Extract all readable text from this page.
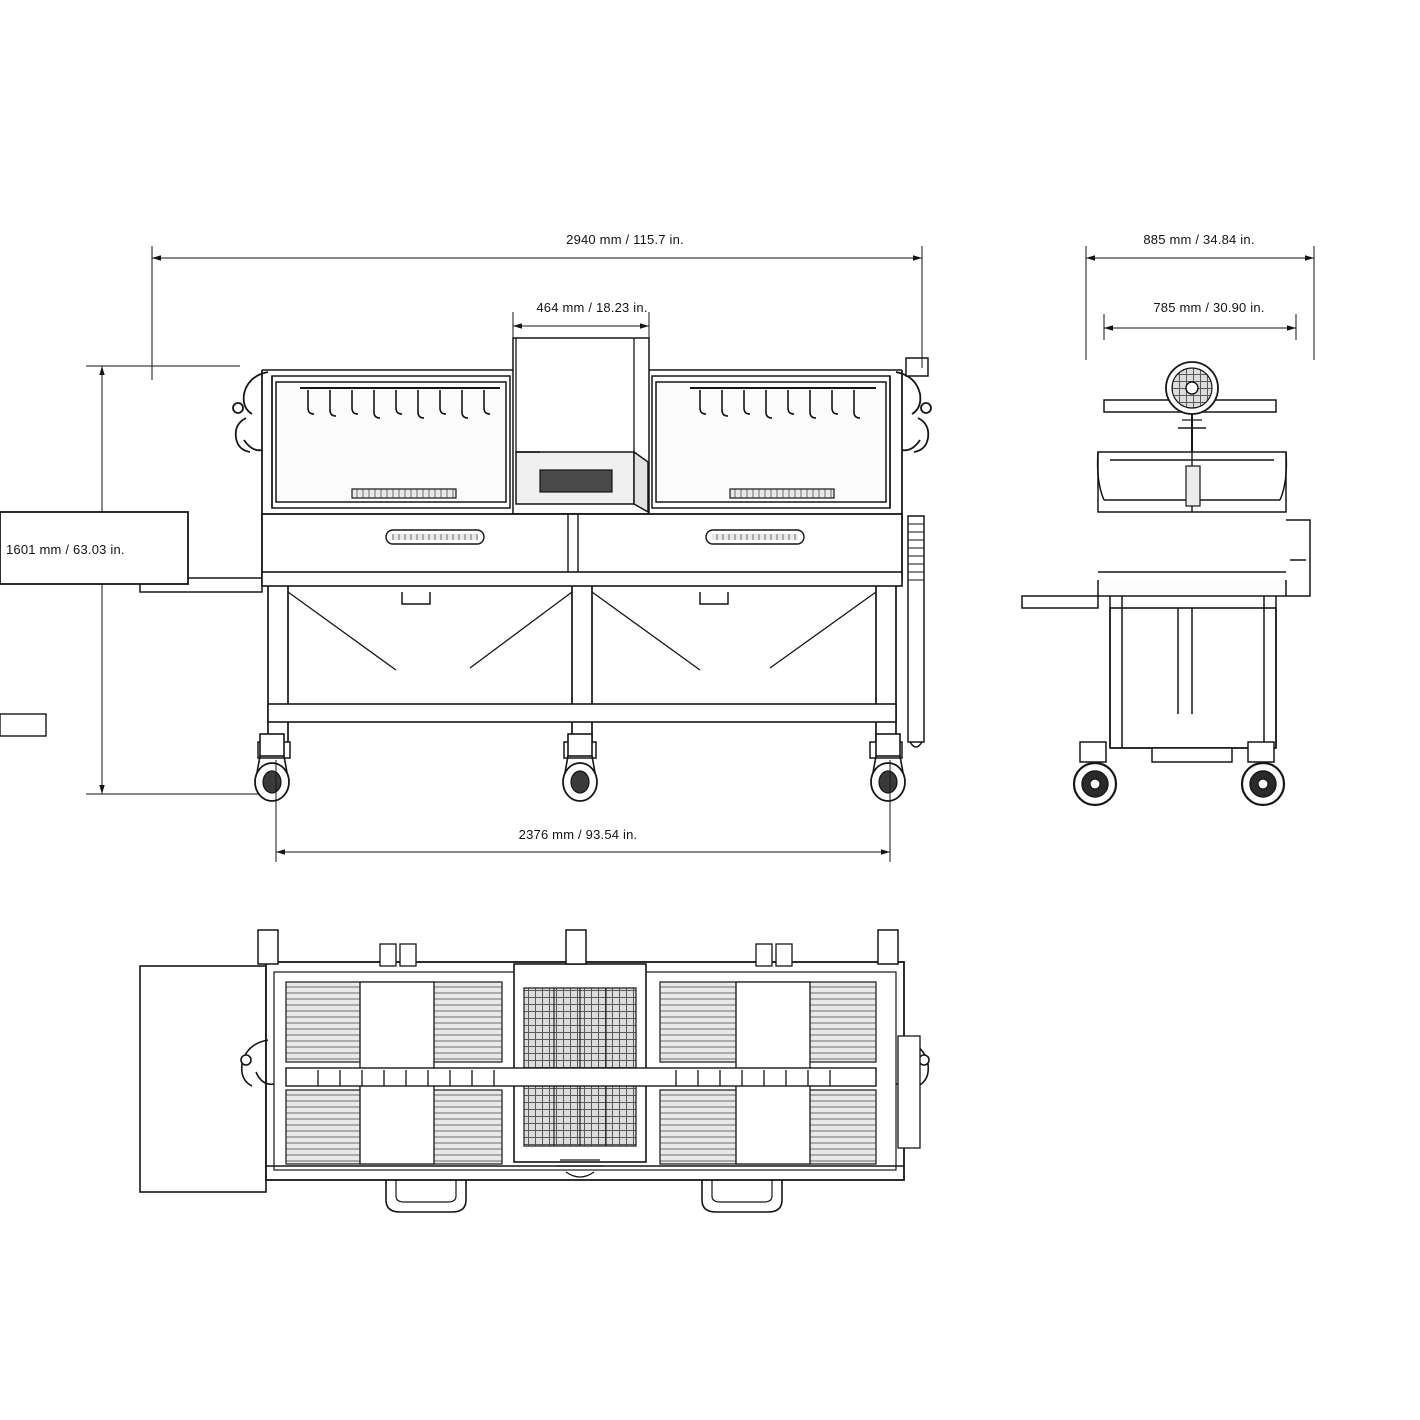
2940 mm / 115.7 in.
464 mm / 18.23 in.
1601 mm / 63.03 in.
2376 mm / 93.54 in.
885 mm / 34.84 in.
785 mm / 30.90 in.
